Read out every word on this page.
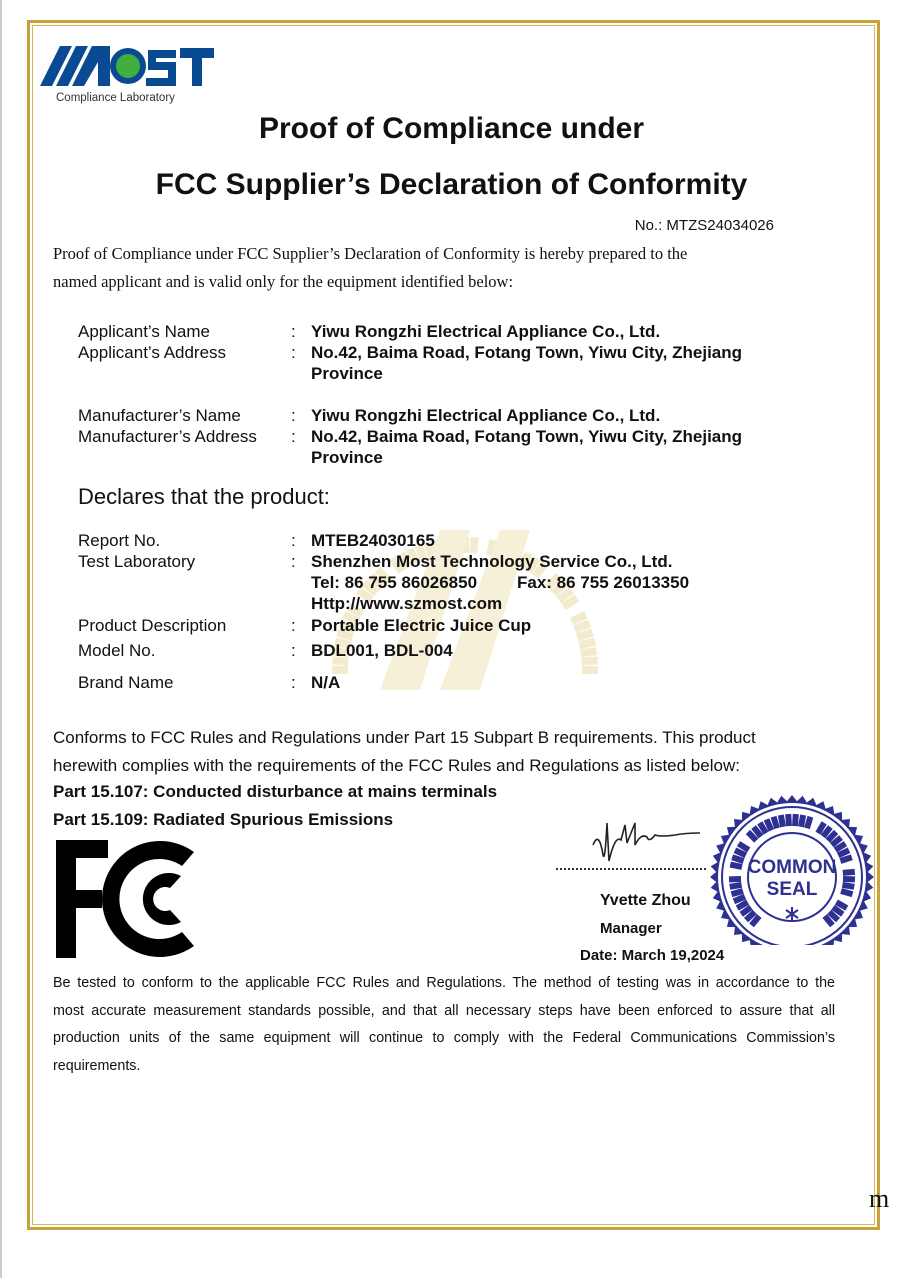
Compliance Laboratory
Proof of Compliance under
FCC Supplier’s Declaration of Conformity
No.: MTZS24034026
Proof of Compliance under FCC Supplier’s Declaration of Conformity is hereby prepared to the
named applicant and is valid only for the equipment identified below:
Applicant’s Name	: Yiwu Rongzhi Electrical Appliance Co., Ltd.
Applicant’s Address	: No.42, Baima Road, Fotang Town, Yiwu City, Zhejiang
Province
Manufacturer’s Name	: Yiwu Rongzhi Electrical Appliance Co., Ltd.
Manufacturer’s Address : No.42, Baima Road, Fotang Town, Yiwu City, Zhejiang
Province
Declares that the product:
Report No.	: MTEB24030165
Test Laboratory	: Shenzhen Most Technology Service Co., Ltd.
Tel: 86 755 86026850 Fax: 86 755 26013350
Http://www.szmost.com
Product Description	: Portable Electric Juice Cup
Model No.	: BDL001, BDL-004
Brand Name	: N/A
Conforms to FCC Rules and Regulations under Part 15 Subpart B requirements. This product
herewith complies with the requirements of the FCC Rules and Regulations as listed below:
Part 15.107: Conducted disturbance at mains terminals
Part 15.109: Radiated Spurious Emissions
Yvette Zhou
Manager
Date: March 19,2024
COMMON
SEAL
Be tested to conform to the applicable FCC Rules and Regulations. The method of testing was in accordance to the
most accurate measurement standards possible, and that all necessary steps have been enforced to assure that all
production units of the same equipment will continue to comply with the Federal Communications Commission’s
requirements.
m
